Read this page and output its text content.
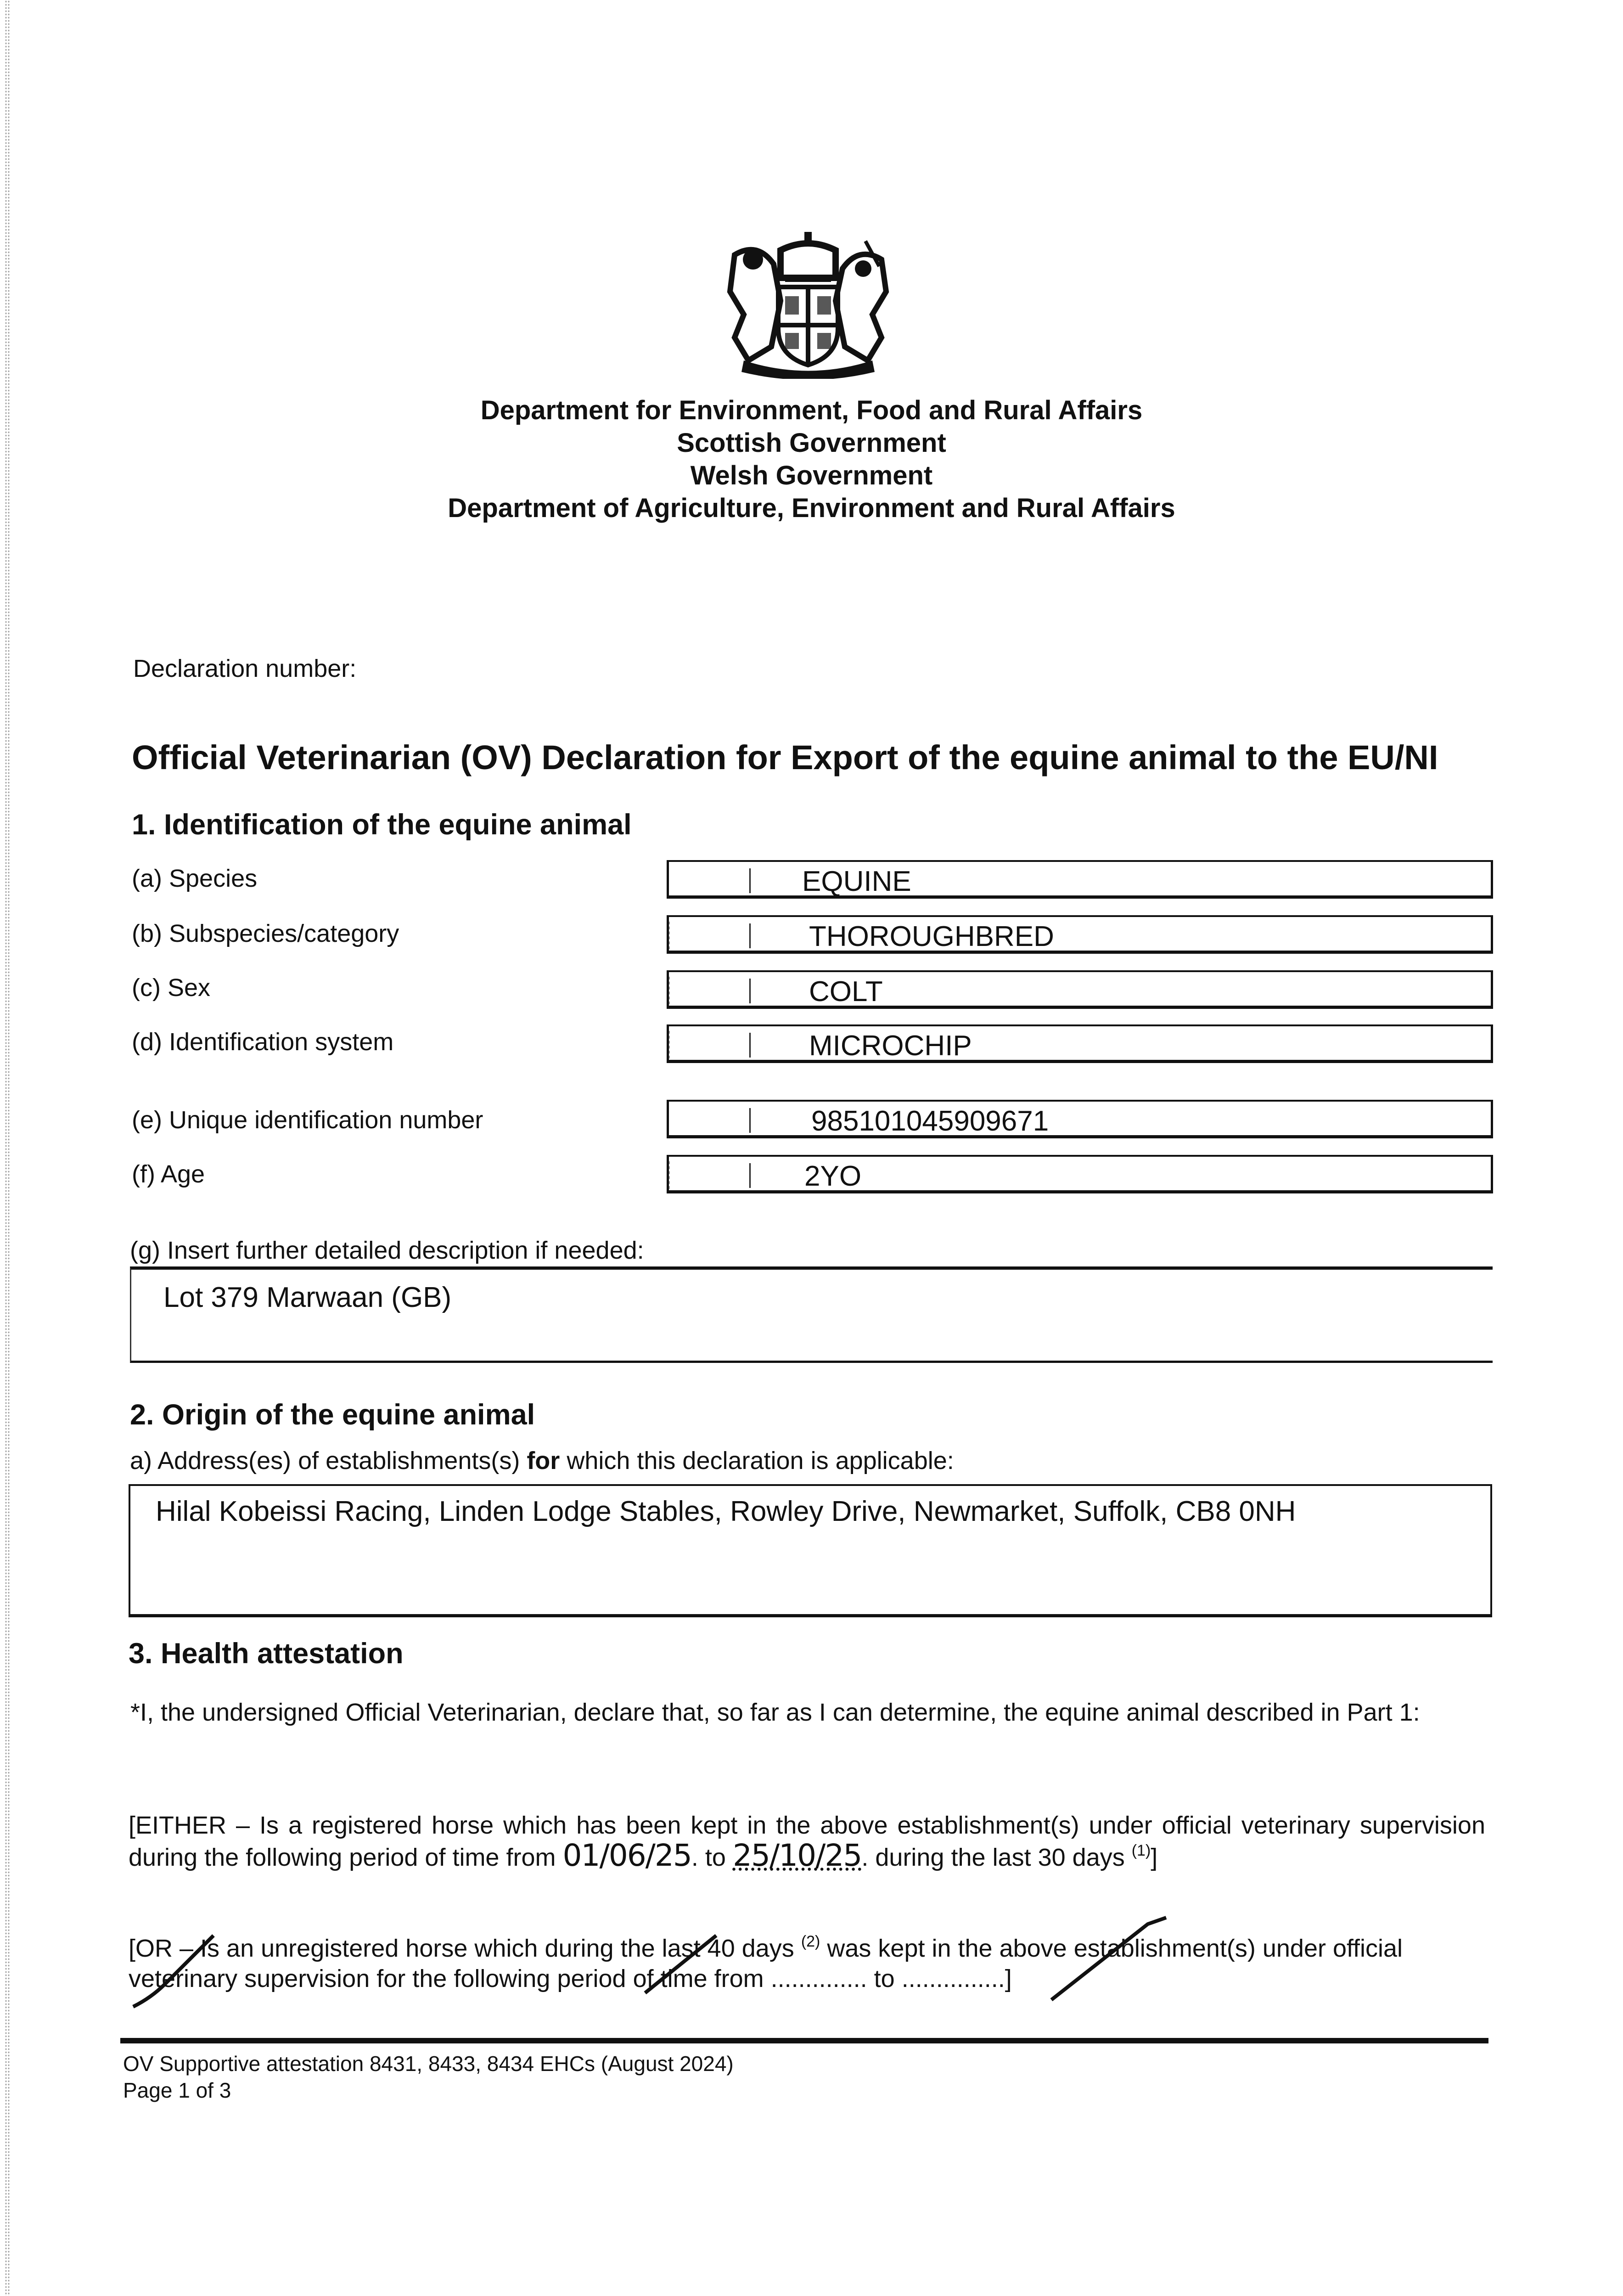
Department for Environment, Food and Rural Affairs
Scottish Government
Welsh Government
Department of Agriculture, Environment and Rural Affairs
Declaration number:
Official Veterinarian (OV) Declaration for Export of the equine animal to the EU/NI
1. Identification of the equine animal
(a) Species	EQUINE
(b) Subspecies/category	THOROUGHBRED
(c) Sex	COLT
(d) Identification system	MICROCHIP
(e) Unique identification number	985101045909671
(f) Age	2YO
(g) Insert further detailed description if needed:
Lot 379 Marwaan (GB)
2. Origin of the equine animal
a) Address(es) of establishments(s) for which this declaration is applicable:
Hilal Kobeissi Racing, Linden Lodge Stables, Rowley Drive, Newmarket, Suffolk, CB8 0NH
3. Health attestation
*I, the undersigned Official Veterinarian, declare that, so far as I can determine, the equine animal described in Part 1:
[EITHER – Is a registered horse which has been kept in the above establishment(s) under official veterinary supervision during the following period of time from 01/06/25. to 25/10/25. during the last 30 days $^{(1)}$]
[OR – Is an unregistered horse which during the last 40 days $^{(2)}$ was kept in the above establishment(s) under official veterinary supervision for the following period of time from .............. to ...............]
OV Supportive attestation 8431, 8433, 8434 EHCs (August 2024)
Page 1 of 3
